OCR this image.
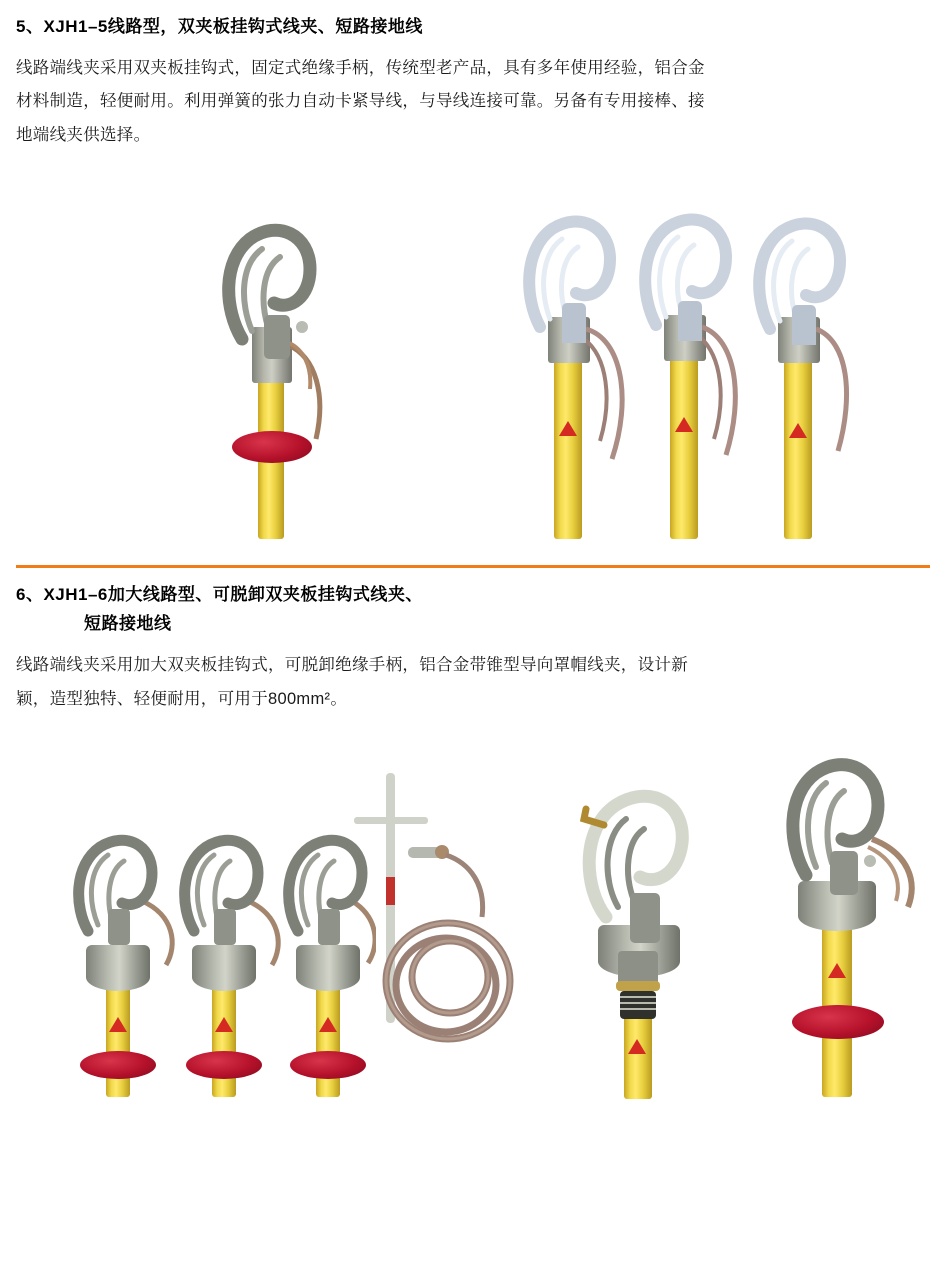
5、XJH1–5线路型，双夹板挂钩式线夹、短路接地线

线路端线夹采用双夹板挂钩式，固定式绝缘手柄，传统型老产品，具有多年使用经验，铝合金材料制造，轻便耐用。利用弹簧的张力自动卡紧导线，与导线连接可靠。另备有专用接棒、接地端线夹供选择。

6、XJH1–6加大线路型、可脱卸双夹板挂钩式线夹、
短路接地线

线路端线夹采用加大双夹板挂钩式，可脱卸绝缘手柄，铝合金带锥型导向罩帽线夹，设计新颖，造型独特、轻便耐用，可用于800mm²。
